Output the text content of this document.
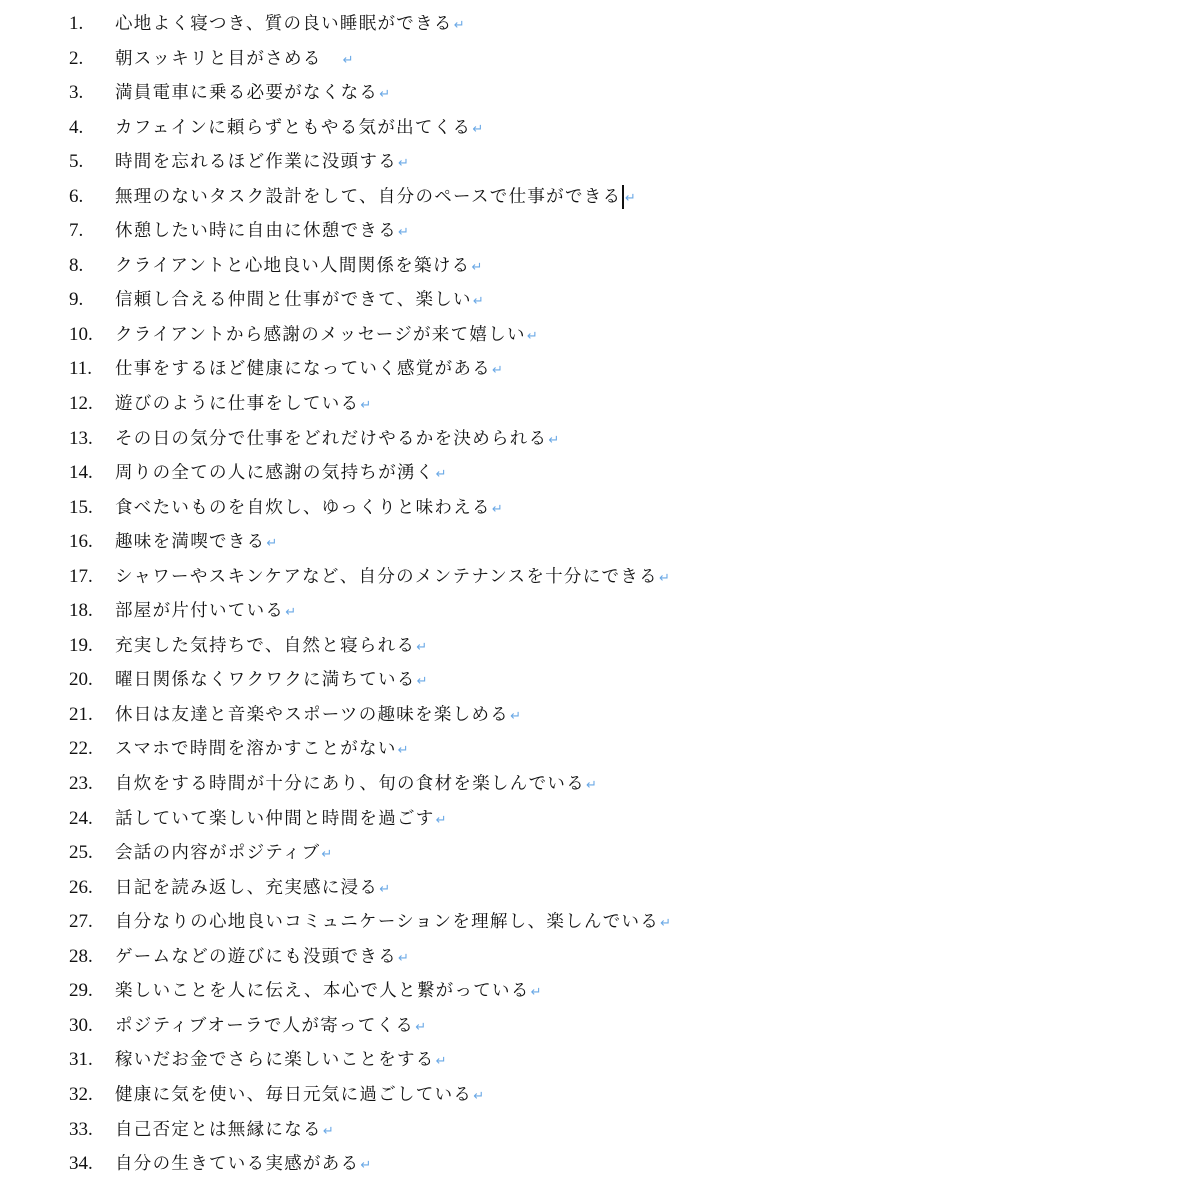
1. 心地よく寝つき、質の良い睡眠ができる↵
2. 朝スッキリと目がさめる ↵
3. 満員電車に乗る必要がなくなる↵
4. カフェインに頼らずともやる気が出てくる↵
5. 時間を忘れるほど作業に没頭する↵
6. 無理のないタスク設計をして、自分のペースで仕事ができる ↵
7. 休憩したい時に自由に休憩できる↵
8. クライアントと心地良い人間関係を築ける↵
9. 信頼し合える仲間と仕事ができて、楽しい↵
10. クライアントから感謝のメッセージが来て嬉しい↵
11. 仕事をするほど健康になっていく感覚がある↵
12. 遊びのように仕事をしている↵
13. その日の気分で仕事をどれだけやるかを決められる↵
14. 周りの全ての人に感謝の気持ちが湧く↵
15. 食べたいものを自炊し、ゆっくりと味わえる↵
16. 趣味を満喫できる↵
17. シャワーやスキンケアなど、自分のメンテナンスを十分にできる↵
18. 部屋が片付いている↵
19. 充実した気持ちで、自然と寝られる↵
20. 曜日関係なくワクワクに満ちている↵
21. 休日は友達と音楽やスポーツの趣味を楽しめる↵
22. スマホで時間を溶かすことがない↵
23. 自炊をする時間が十分にあり、旬の食材を楽しんでいる↵
24. 話していて楽しい仲間と時間を過ごす↵
25. 会話の内容がポジティブ↵
26. 日記を読み返し、充実感に浸る↵
27. 自分なりの心地良いコミュニケーションを理解し、楽しんでいる↵
28. ゲームなどの遊びにも没頭できる↵
29. 楽しいことを人に伝え、本心で人と繋がっている↵
30. ポジティブオーラで人が寄ってくる↵
31. 稼いだお金でさらに楽しいことをする↵
32. 健康に気を使い、毎日元気に過ごしている↵
33. 自己否定とは無縁になる↵
34. 自分の生きている実感がある↵
